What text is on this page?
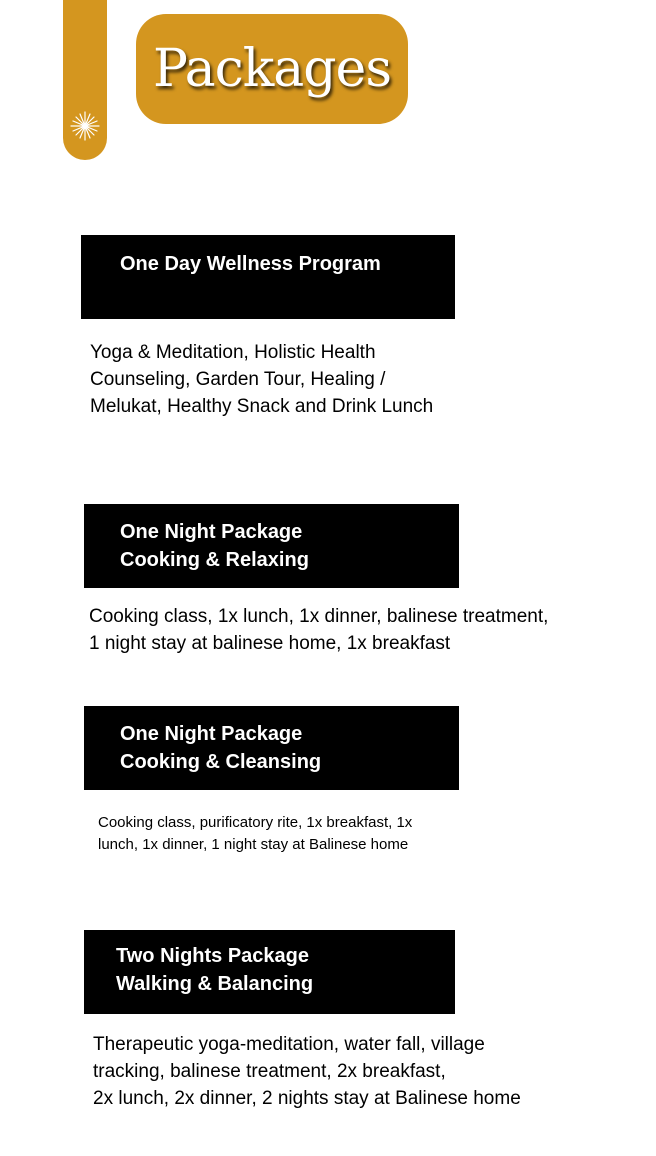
Packages
One Day Wellness Program
Yoga & Meditation, Holistic Health
Counseling, Garden Tour, Healing /
Melukat, Healthy Snack and Drink Lunch
One Night Package
Cooking & Relaxing
Cooking class, 1x lunch, 1x dinner, balinese treatment,
1 night stay at balinese home, 1x breakfast
One Night Package
Cooking & Cleansing
Cooking class, purificatory rite, 1x breakfast, 1x
lunch, 1x dinner, 1 night stay at Balinese home
Two Nights Package
Walking & Balancing
Therapeutic yoga-meditation, water fall, village
tracking, balinese treatment, 2x breakfast,
2x lunch, 2x dinner, 2 nights stay at Balinese home
